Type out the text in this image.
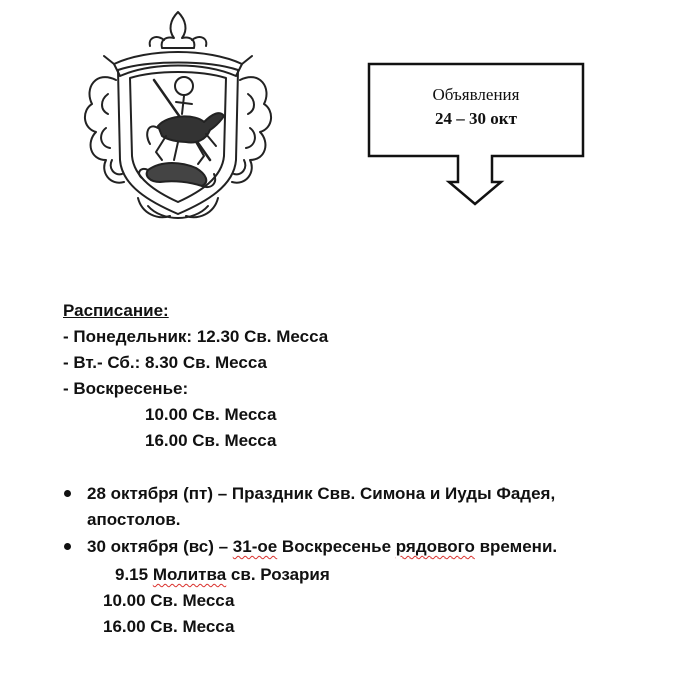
Объявления
24 – 30 окт
Расписание:
- Понедельник: 12.30 Св. Месса
- Вт.- Сб.: 8.30 Св. Месса
- Воскресенье:
10.00 Св. Месса
16.00 Св. Месса
28 октября (пт) – Праздник Свв. Симона и Иуды Фадея,
апостолов.
30 октября (вс) – 31-ое Воскресенье рядового времени.
9.15 Молитва св. Розария
10.00 Св. Месса
16.00 Св. Месса
